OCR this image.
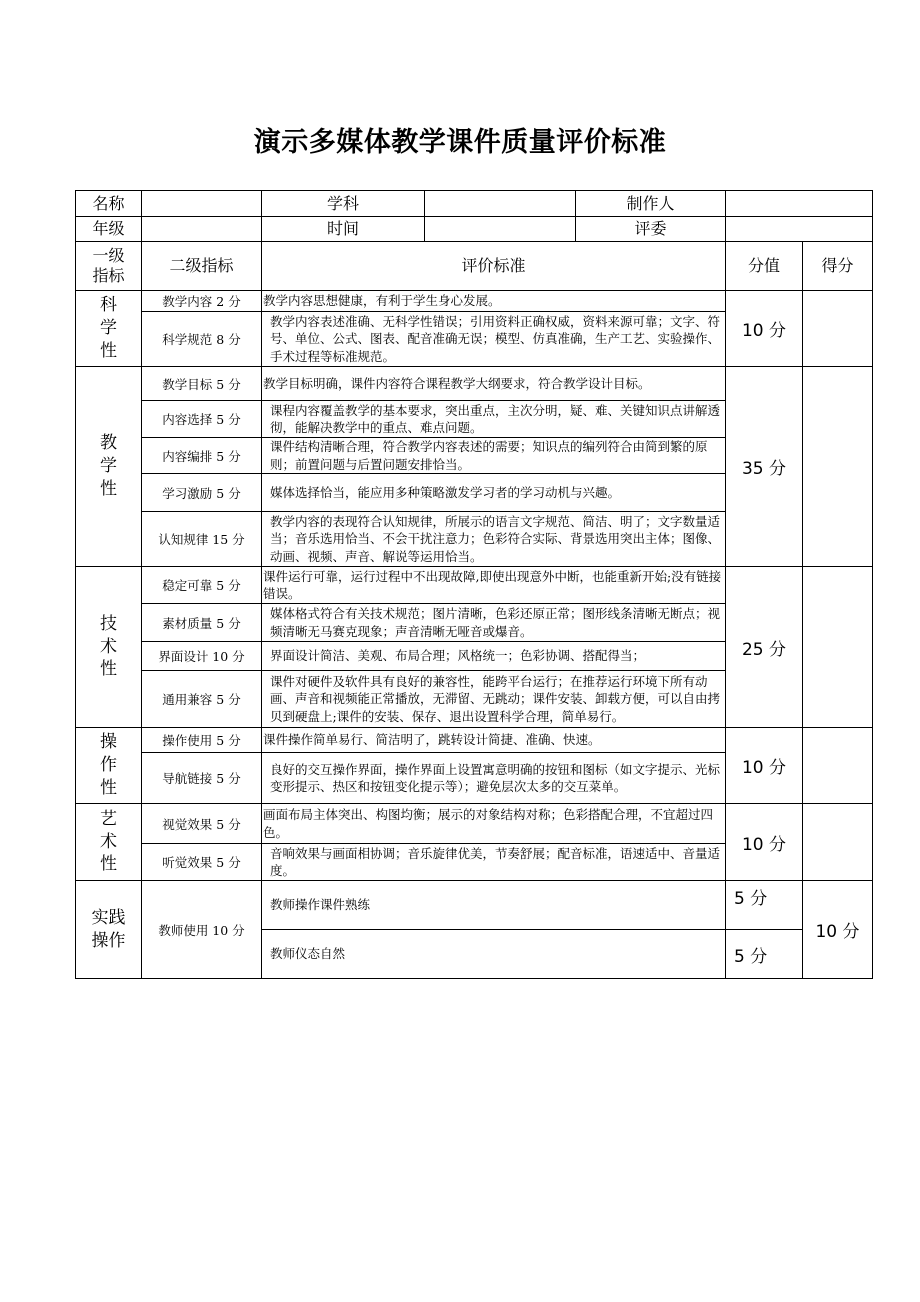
演示多媒体教学课件质量评价标准
名称		学科		制作人		
年级		时间		评委		
一级指标	二级指标	评价标准			分值	得分

科
学
性	教学内容 2 分	教学内容思想健康，有利于学生身心发展。			10 分	
	科学规范 8 分	教学内容表述准确、无科学性错误；引用资料正确权威，资料来源可靠；文字、符号、单位、公式、图表、配音准确无误；模型、仿真准确，生产工艺、实验操作、手术过程等标准规范。				

教
学
性	教学目标 5 分	教学目标明确，课件内容符合课程教学大纲要求，符合教学设计目标。			35 分	
	内容选择 5 分	课程内容覆盖教学的基本要求，突出重点，主次分明，疑、难、关键知识点讲解透彻，能解决教学中的重点、难点问题。				
	内容编排 5 分	课件结构清晰合理，符合教学内容表述的需要；知识点的编列符合由简到繁的原则；前置问题与后置问题安排恰当。				
	学习激励 5 分	媒体选择恰当，能应用多种策略激发学习者的学习动机与兴趣。				
	认知规律 15 分	教学内容的表现符合认知规律，所展示的语言文字规范、简洁、明了；文字数量适当；音乐选用恰当、不会干扰注意力；色彩符合实际、背景选用突出主体；图像、动画、视频、声音、解说等运用恰当。				

技
术
性	稳定可靠 5 分	课件运行可靠，运行过程中不出现故障,即使出现意外中断，也能重新开始;没有链接错误。			25 分	
	素材质量 5 分	媒体格式符合有关技术规范；图片清晰，色彩还原正常；图形线条清晰无断点；视频清晰无马赛克现象；声音清晰无哑音或爆音。				
	界面设计 10 分	界面设计简洁、美观、布局合理；风格统一；色彩协调、搭配得当；				
	通用兼容 5 分	课件对硬件及软件具有良好的兼容性，能跨平台运行；在推荐运行环境下所有动画、声音和视频能正常播放，无滞留、无跳动；课件安装、卸载方便，可以自由拷贝到硬盘上;课件的安装、保存、退出设置科学合理，简单易行。				

操
作
性	操作使用 5 分	课件操作简单易行、简洁明了，跳转设计简捷、准确、快速。			10 分	
	导航链接 5 分	良好的交互操作界面，操作界面上设置寓意明确的按钮和图标（如文字提示、光标变形提示、热区和按钮变化提示等）；避免层次太多的交互菜单。				

艺
术
性	视觉效果 5 分	画面布局主体突出、构图均衡；展示的对象结构对称；色彩搭配合理，不宜超过四色。			10 分	
	听觉效果 5 分	音响效果与画面相协调；音乐旋律优美，节奏舒展；配音标准，语速适中、音量适度。				

实践
操作	教师使用 10 分	教师操作课件熟练			5 分	10 分
		教师仪态自然			5 分	
